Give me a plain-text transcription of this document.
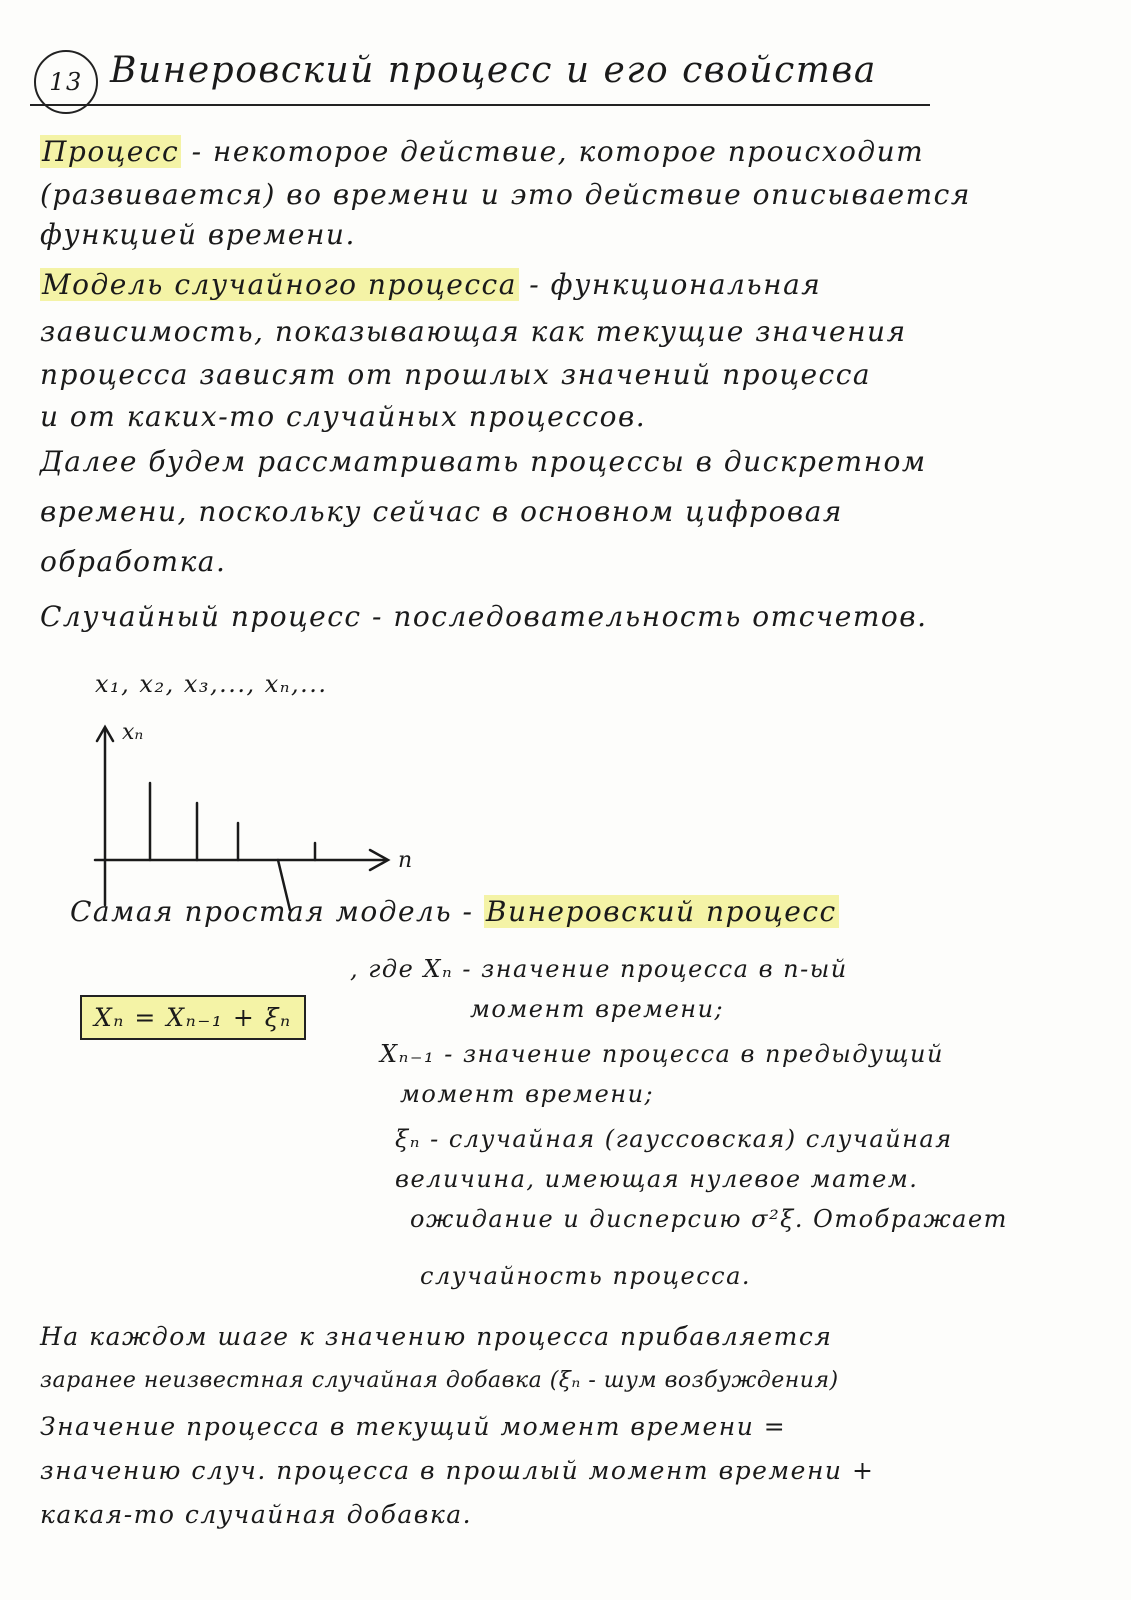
13 Винеровский процесс и его свойства
Процесс - некоторое действие, которое происходит
(развивается) во времени и это действие описывается
функцией времени.
Модель случайного процесса - функциональная
зависимость, показывающая как текущие значения
процесса зависят от прошлых значений процесса
и от каких-то случайных процессов.
Далее будем рассматривать процессы в дискретном
времени, поскольку сейчас в основном цифровая
обработка.
Случайный процесс - последовательность отсчетов.
x₁, x₂, x₃,..., xₙ,...
xₙ
n
Самая простая модель - Винеровский процесс
Xₙ = Xₙ₋₁ + ξₙ
, где Xₙ - значение процесса в n-ый
момент времени;
Xₙ₋₁ - значение процесса в предыдущий
момент времени;
ξₙ - случайная (гауссовская) случайная
величина, имеющая нулевое матем.
ожидание и дисперсию σ²ξ. Отображает
случайность процесса.
На каждом шаге к значению процесса прибавляется
заранее неизвестная случайная добавка (ξₙ - шум возбуждения)
Значение процесса в текущий момент времени =
значению случ. процесса в прошлый момент времени +
какая-то случайная добавка.
